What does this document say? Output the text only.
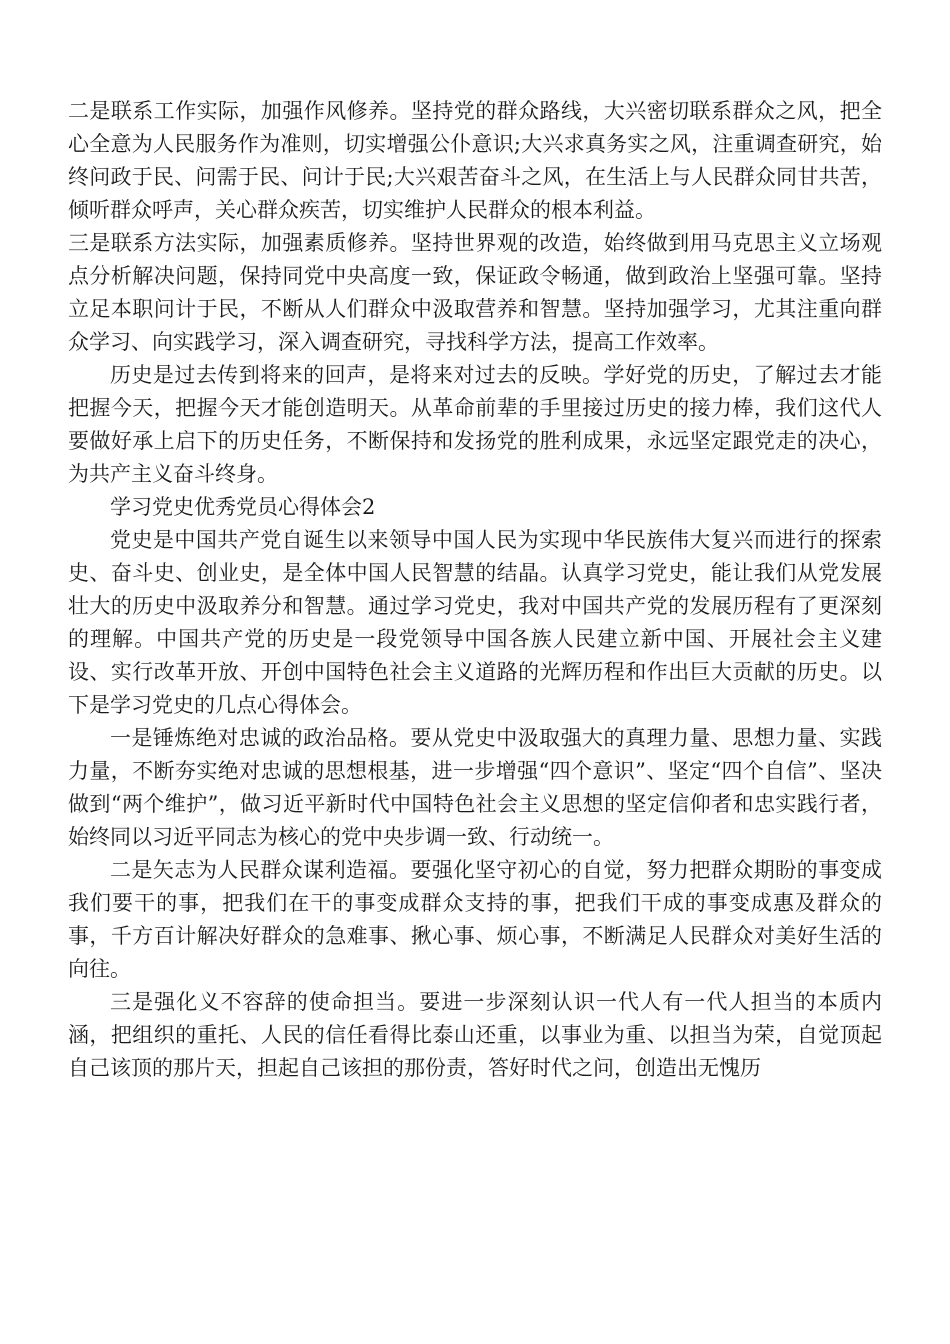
二是联系工作实际，加强作风修养。坚持党的群众路线，大兴密切联系群众之风，把全心全意为人民服务作为准则，切实增强公仆意识;大兴求真务实之风，注重调查研究，始终问政于民、问需于民、问计于民;大兴艰苦奋斗之风，在生活上与人民群众同甘共苦，倾听群众呼声，关心群众疾苦，切实维护人民群众的根本利益。

三是联系方法实际，加强素质修养。坚持世界观的改造，始终做到用马克思主义立场观点分析解决问题，保持同党中央高度一致，保证政令畅通，做到政治上坚强可靠。坚持立足本职问计于民，不断从人们群众中汲取营养和智慧。坚持加强学习，尤其注重向群众学习、向实践学习，深入调查研究，寻找科学方法，提高工作效率。

历史是过去传到将来的回声，是将来对过去的反映。学好党的历史，了解过去才能把握今天，把握今天才能创造明天。从革命前辈的手里接过历史的接力棒，我们这代人要做好承上启下的历史任务，不断保持和发扬党的胜利成果，永远坚定跟党走的决心，为共产主义奋斗终身。

学习党史优秀党员心得体会2

党史是中国共产党自诞生以来领导中国人民为实现中华民族伟大复兴而进行的探索史、奋斗史、创业史，是全体中国人民智慧的结晶。认真学习党史，能让我们从党发展壮大的历史中汲取养分和智慧。通过学习党史，我对中国共产党的发展历程有了更深刻的理解。中国共产党的历史是一段党领导中国各族人民建立新中国、开展社会主义建设、实行改革开放、开创中国特色社会主义道路的光辉历程和作出巨大贡献的历史。以下是学习党史的几点心得体会。

一是锤炼绝对忠诚的政治品格。要从党史中汲取强大的真理力量、思想力量、实践力量，不断夯实绝对忠诚的思想根基，进一步增强“四个意识”、坚定“四个自信”、坚决做到“两个维护”，做习近平新时代中国特色社会主义思想的坚定信仰者和忠实践行者，始终同以习近平同志为核心的党中央步调一致、行动统一。

二是矢志为人民群众谋利造福。要强化坚守初心的自觉，努力把群众期盼的事变成我们要干的事，把我们在干的事变成群众支持的事，把我们干成的事变成惠及群众的事，千方百计解决好群众的急难事、揪心事、烦心事，不断满足人民群众对美好生活的向往。

三是强化义不容辞的使命担当。要进一步深刻认识一代人有一代人担当的本质内涵，把组织的重托、人民的信任看得比泰山还重，以事业为重、以担当为荣，自觉顶起自己该顶的那片天，担起自己该担的那份责，答好时代之问，创造出无愧历
